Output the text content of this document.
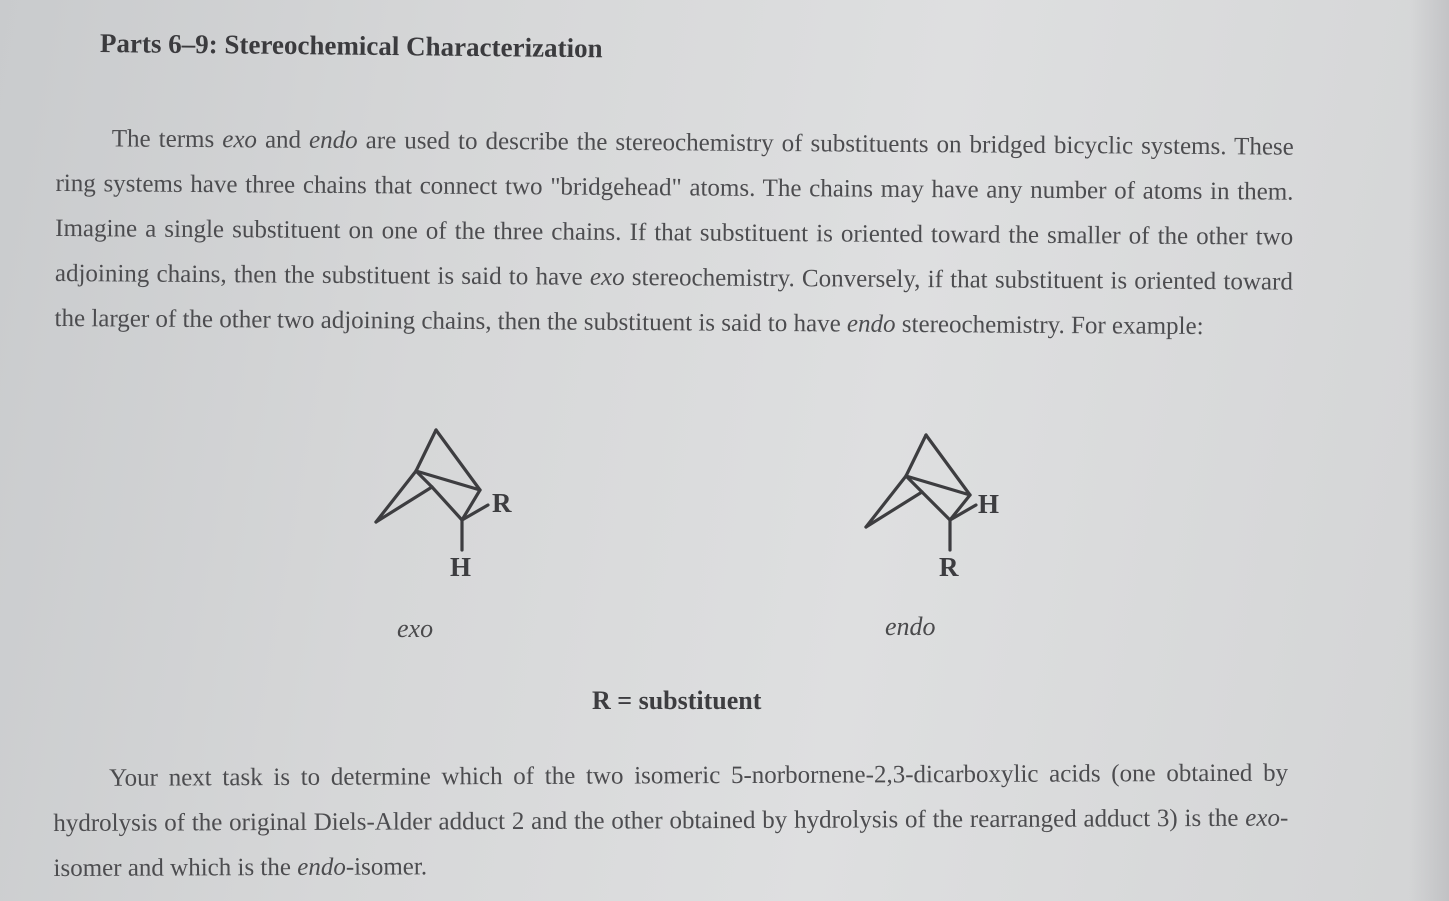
Parts 6–9: Stereochemical Characterization

The terms exo and endo are used to describe the stereochemistry of substituents on bridged bicyclic systems. These ring systems have three chains that connect two "bridgehead" atoms. The chains may have any number of atoms in them. Imagine a single substituent on one of the three chains. If that substituent is oriented toward the smaller of the other two adjoining chains, then the substituent is said to have exo stereochemistry. Conversely, if that substituent is oriented toward the larger of the other two adjoining chains, then the substituent is said to have endo stereochemistry. For example:

R
H
exo
H
R
endo
R = substituent

Your next task is to determine which of the two isomeric 5-norbornene-2,3-dicarboxylic acids (one obtained by hydrolysis of the original Diels-Alder adduct 2 and the other obtained by hydrolysis of the rearranged adduct 3) is the exo-isomer and which is the endo-isomer.
